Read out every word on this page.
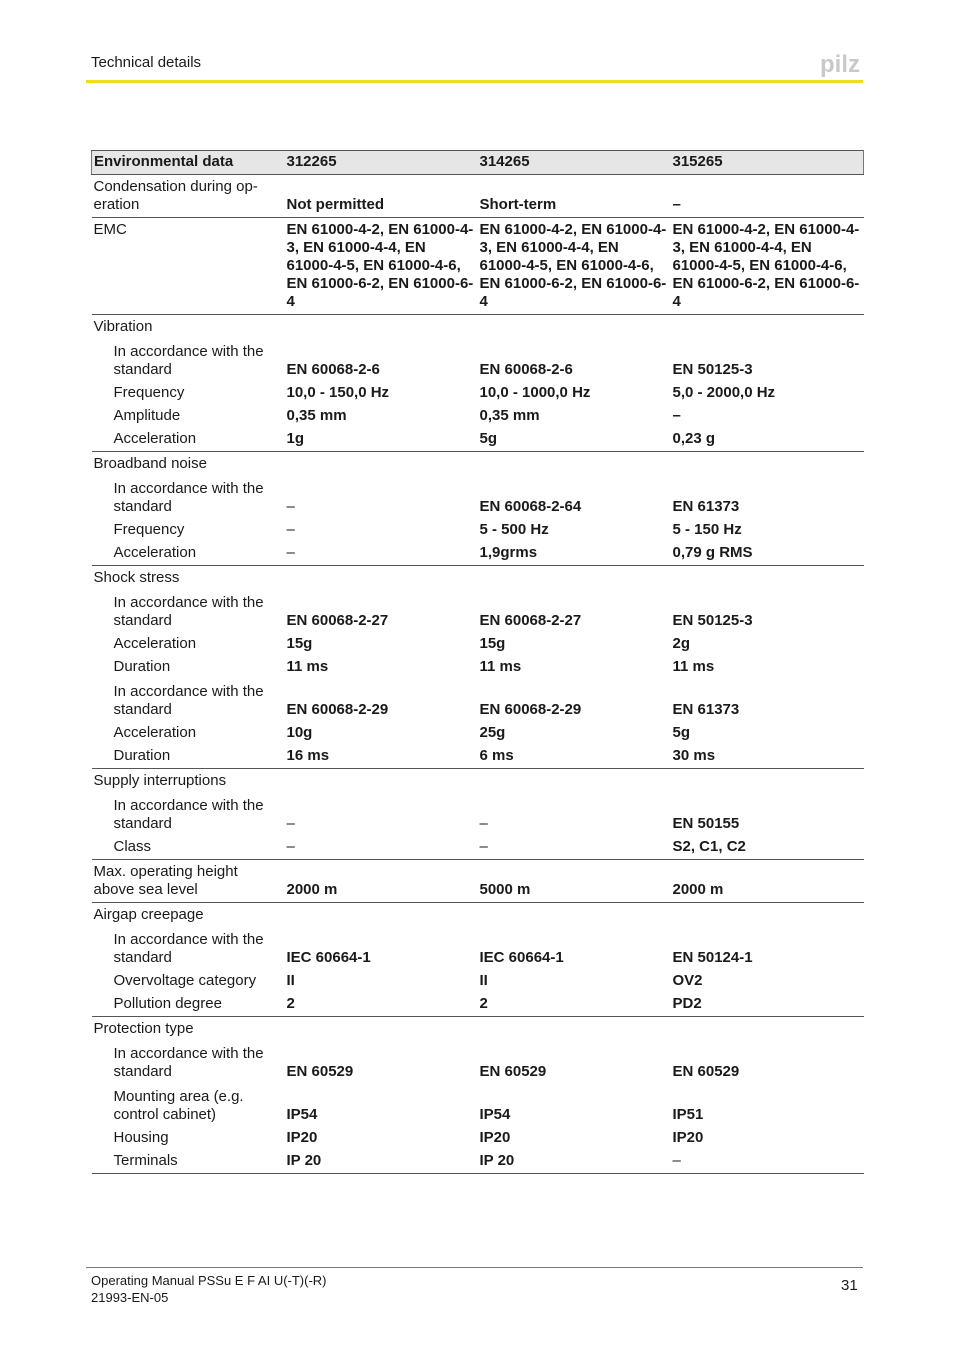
Technical details	pilz
Environmental data	312265	314265	315265
Condensation during op-eration	Not permitted	Short-term	–
EMC	EN 61000-4-2, EN 61000-4-3, EN 61000-4-4, EN 61000-4-5, EN 61000-4-6, EN 61000-6-2, EN 61000-6-4	EN 61000-4-2, EN 61000-4-3, EN 61000-4-4, EN 61000-4-5, EN 61000-4-6, EN 61000-6-2, EN 61000-6-4	EN 61000-4-2, EN 61000-4-3, EN 61000-4-4, EN 61000-4-5, EN 61000-4-6, EN 61000-6-2, EN 61000-6-4
Vibration			
In accordance with the standard	EN 60068-2-6	EN 60068-2-6	EN 50125-3
Frequency	10,0 - 150,0 Hz	10,0 - 1000,0 Hz	5,0 - 2000,0 Hz
Amplitude	0,35 mm	0,35 mm	–
Acceleration	1g	5g	0,23 g
Broadband noise			
In accordance with the standard	–	EN 60068-2-64	EN 61373
Frequency	–	5 - 500 Hz	5 - 150 Hz
Acceleration	–	1,9grms	0,79 g RMS
Shock stress			
In accordance with the standard	EN 60068-2-27	EN 60068-2-27	EN 50125-3
Acceleration	15g	15g	2g
Duration	11 ms	11 ms	11 ms
In accordance with the standard	EN 60068-2-29	EN 60068-2-29	EN 61373
Acceleration	10g	25g	5g
Duration	16 ms	6 ms	30 ms
Supply interruptions			
In accordance with the standard	–	–	EN 50155
Class	–	–	S2, C1, C2
Max. operating height above sea level	2000 m	5000 m	2000 m
Airgap creepage			
In accordance with the standard	IEC 60664-1	IEC 60664-1	EN 50124-1
Overvoltage category	II	II	OV2
Pollution degree	2	2	PD2
Protection type			
In accordance with the standard	EN 60529	EN 60529	EN 60529
Mounting area (e.g. control cabinet)	IP54	IP54	IP51
Housing	IP20	IP20	IP20
Terminals	IP 20	IP 20	–
Operating Manual PSSu E F AI U(-T)(-R)
21993-EN-05
31
